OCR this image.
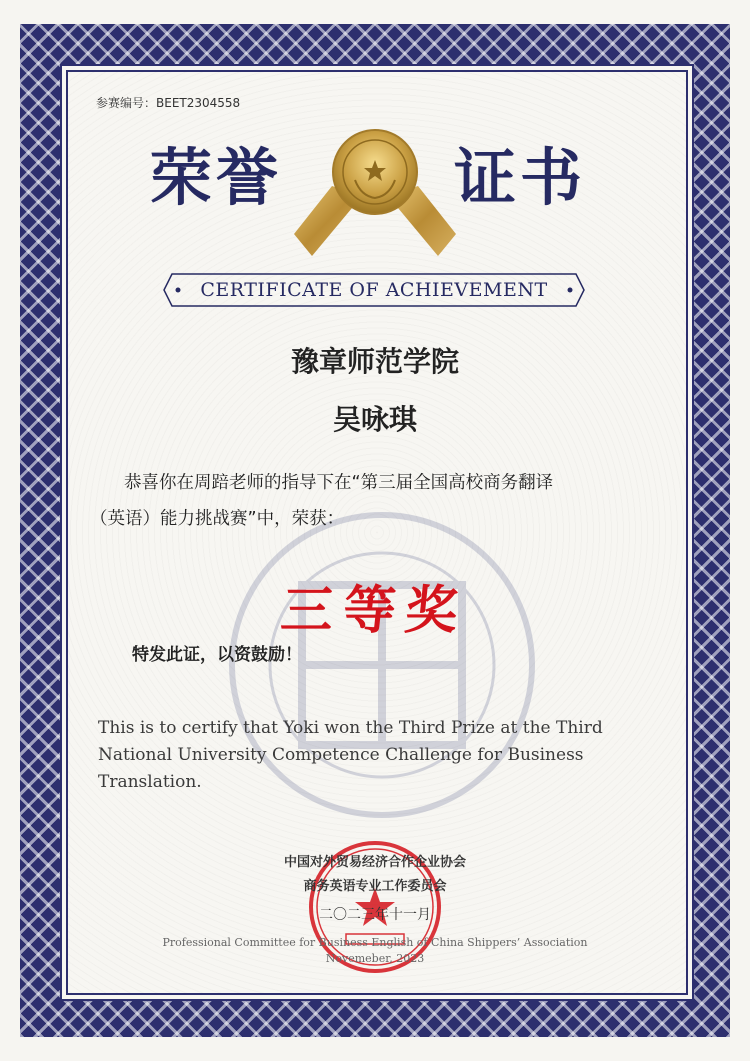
参赛编号：BEET2304558
荣誉	证书
CERTIFICATE OF ACHIEVEMENT
豫章师范学院
吴咏琪
恭喜你在周踣老师的指导下在“第三届全国高校商务翻译
（英语）能力挑战赛”中，荣获：
三等奖
特发此证，以资鼓励！
This is to certify that Yoki won the Third Prize at the Third National University Competence Challenge for Business Translation.
中国对外贸易经济合作企业协会
商务英语专业工作委员会
二〇二三年十一月
Professional Committee for Business English of China Shippers’ Association
Novemeber, 2023
